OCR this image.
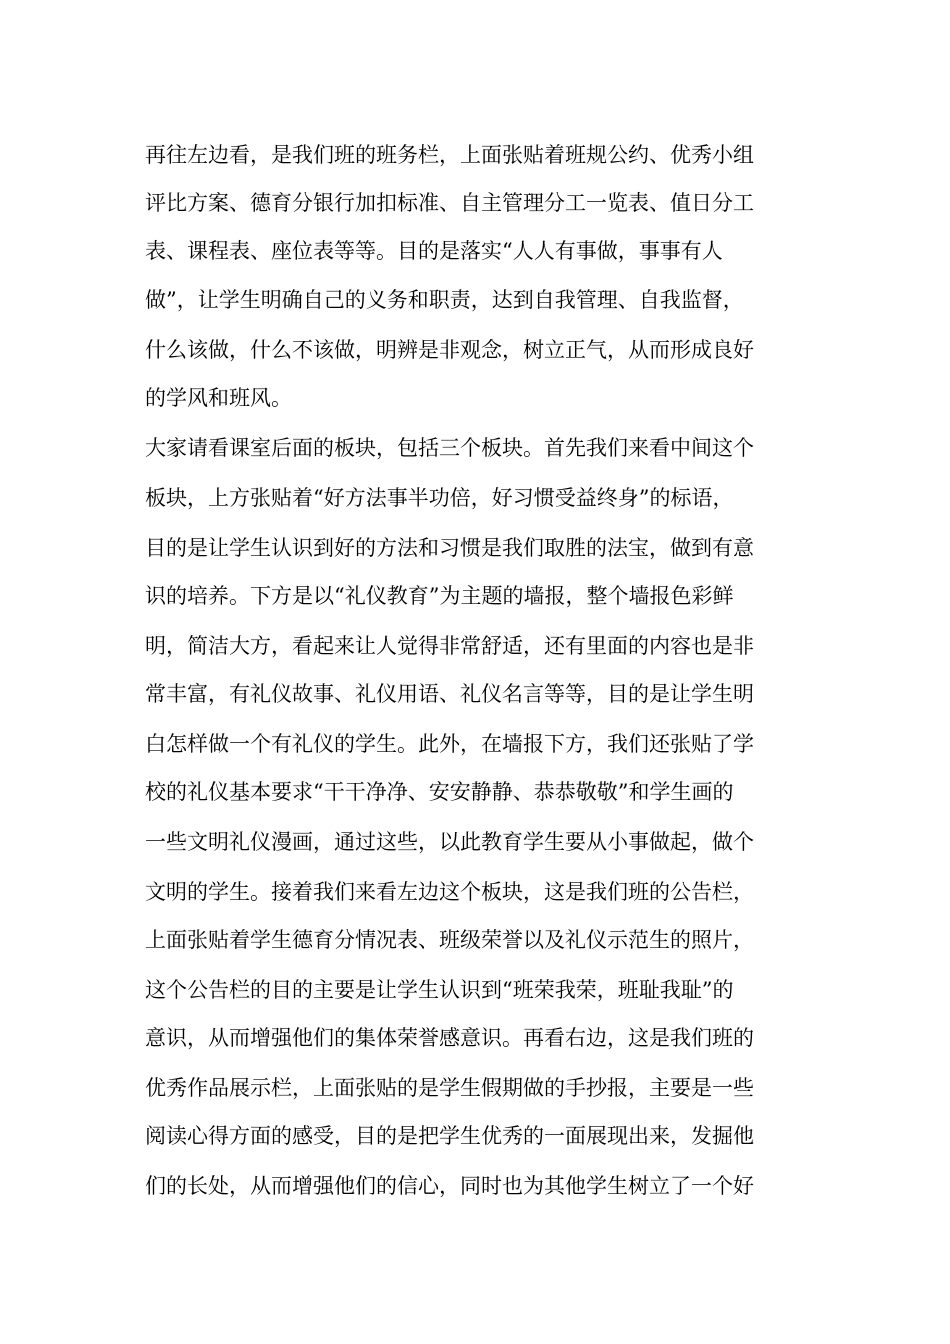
再往左边看，是我们班的班务栏，上面张贴着班规公约、优秀小组
评比方案、德育分银行加扣标准、自主管理分工一览表、值日分工
表、课程表、座位表等等。目的是落实“人人有事做，事事有人
做”，让学生明确自己的义务和职责，达到自我管理、自我监督，
什么该做，什么不该做，明辨是非观念，树立正气，从而形成良好
的学风和班风。
大家请看课室后面的板块，包括三个板块。首先我们来看中间这个
板块，上方张贴着“好方法事半功倍，好习惯受益终身”的标语，
目的是让学生认识到好的方法和习惯是我们取胜的法宝，做到有意
识的培养。下方是以“礼仪教育”为主题的墙报，整个墙报色彩鲜
明，简洁大方，看起来让人觉得非常舒适，还有里面的内容也是非
常丰富，有礼仪故事、礼仪用语、礼仪名言等等，目的是让学生明
白怎样做一个有礼仪的学生。此外，在墙报下方，我们还张贴了学
校的礼仪基本要求“干干净净、安安静静、恭恭敬敬”和学生画的
一些文明礼仪漫画，通过这些，以此教育学生要从小事做起，做个
文明的学生。接着我们来看左边这个板块，这是我们班的公告栏，
上面张贴着学生德育分情况表、班级荣誉以及礼仪示范生的照片，
这个公告栏的目的主要是让学生认识到“班荣我荣，班耻我耻”的
意识，从而增强他们的集体荣誉感意识。再看右边，这是我们班的
优秀作品展示栏，上面张贴的是学生假期做的手抄报，主要是一些
阅读心得方面的感受，目的是把学生优秀的一面展现出来，发掘他
们的长处，从而增强他们的信心，同时也为其他学生树立了一个好
